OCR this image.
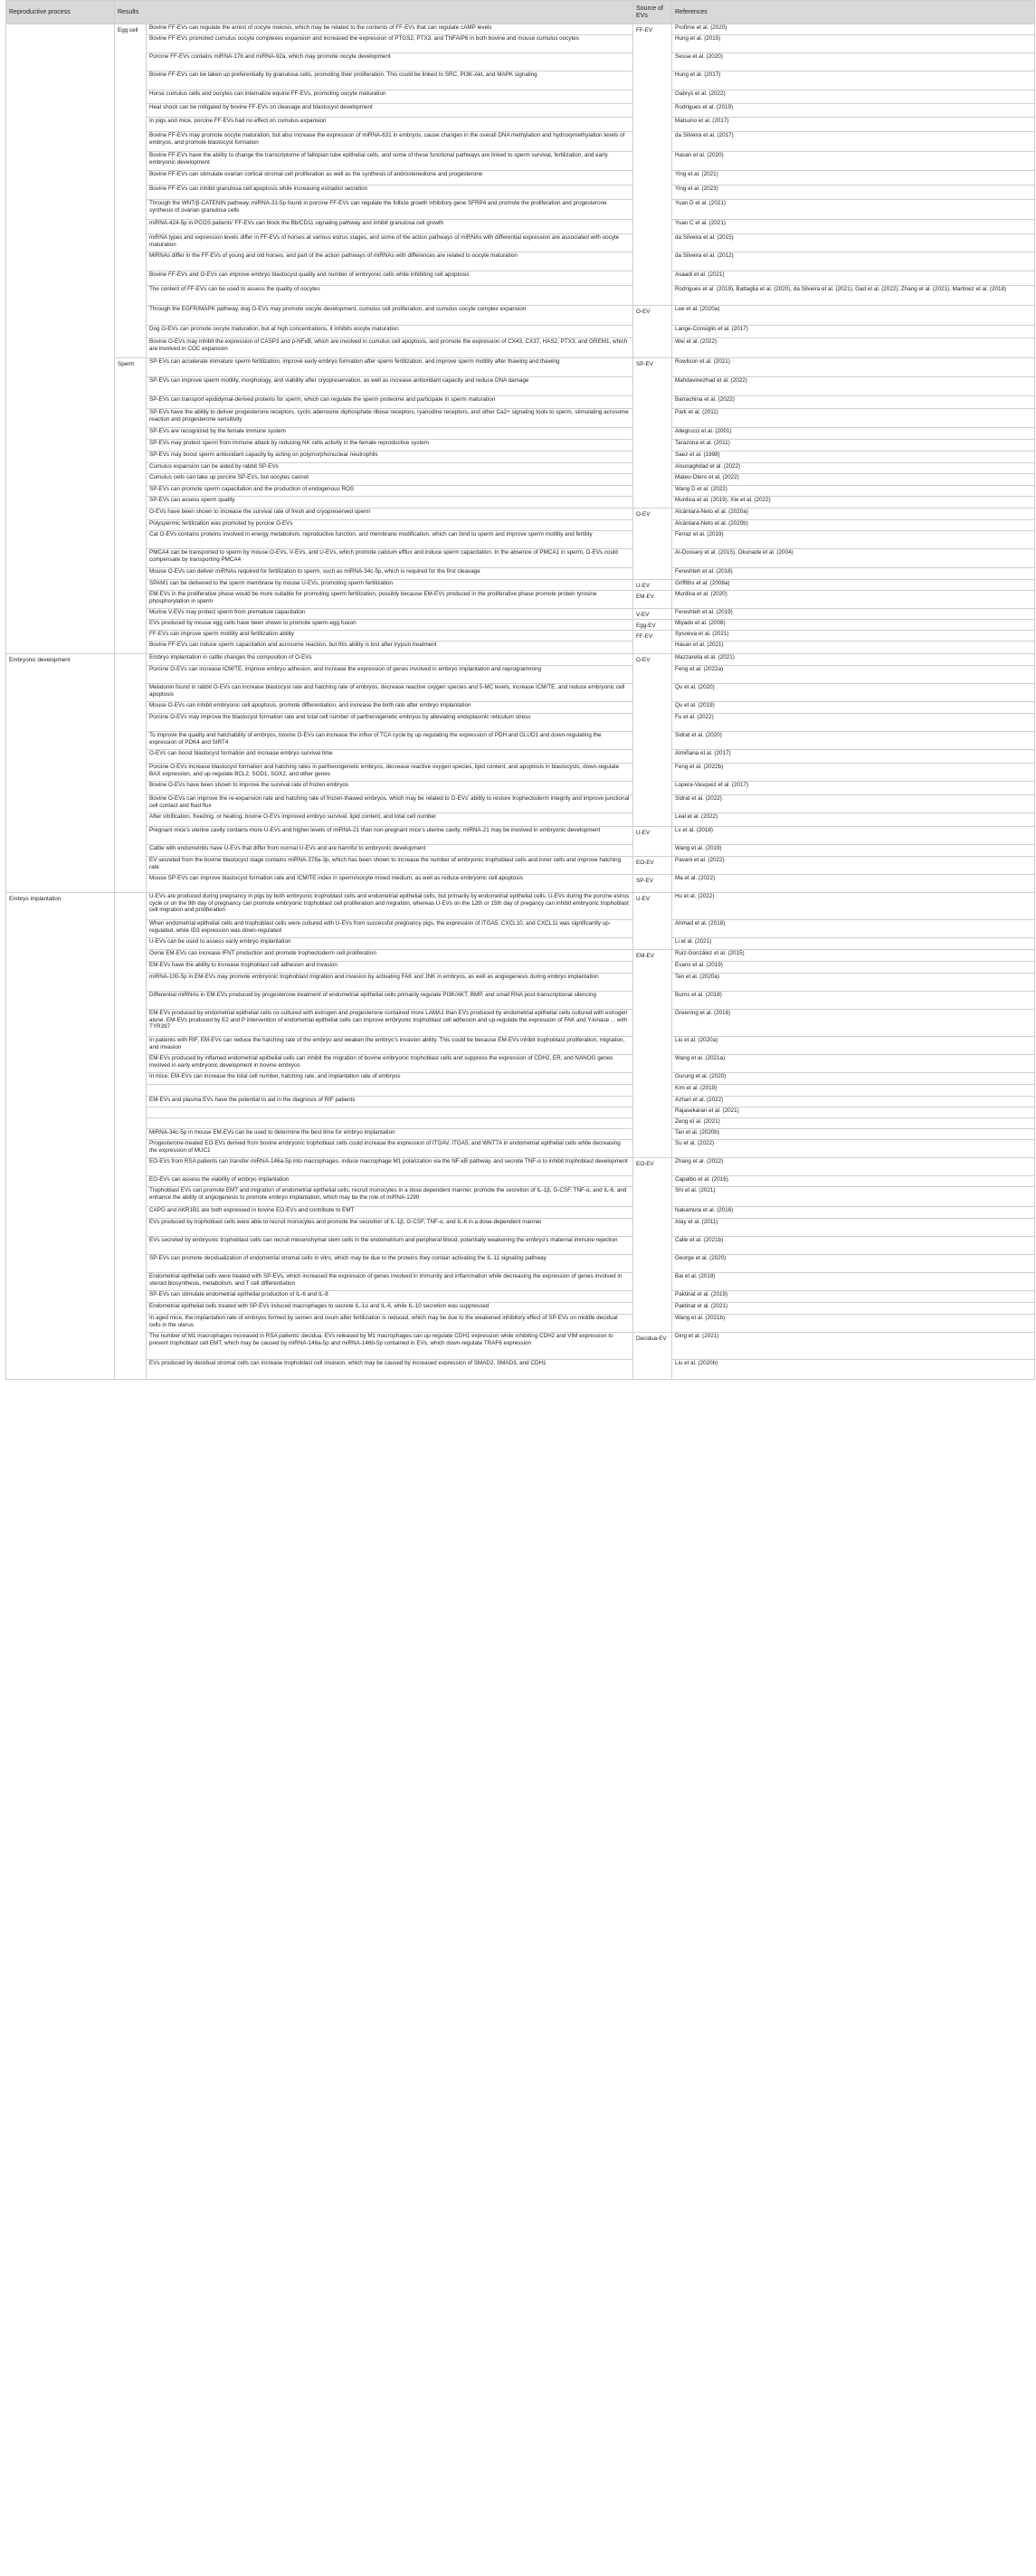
Reproductive process	Results		Source of EVs	References
	Egg cell	Bovine FF-EVs can regulate the arrest of oocyte meiosis, which may be related to the contents of FF-EVs that can regulate cAMP levels	FF-EV	Profirne et al. (2020)
		Bovine FF-EVs promoted cumulus oocyte complexes expansion and increased the expression of PTGS2, PTX3, and TNFAIP6 in both bovine and mouse cumulus oocytes		Hung et al. (2015)
		Porcine FF-EVs contains miRNA-17b and miRNA-92a, which may promote oocyte development		Sessa et al. (2020)
		Bovine FF-EVs can be taken up preferentially by granulosa cells, promoting their proliferation. This could be linked to SRC, PI3K-Akt, and MAPK signaling		Hung et al. (2017)
		Horse cumulus cells and oocytes can internalize equine FF-EVs, promoting oocyte maturation		Gabryś et al. (2022)
		Heat shock can be mitigated by bovine FF-EVs on cleavage and blastocyst development		Rodrigues et al. (2019)
		In pigs and mice, porcine FF-EVs had no effect on cumulus expansion		Matsuno et al. (2017)
		Bovine FF-EVs may promote oocyte maturation, but also increase the expression of miRNA-631 in embryos, cause changes in the overall DNA methylation and hydroxymethylation levels of embryos, and promote blastocyst formation		da Silveira et al. (2017)
		Bovine FF-EVs have the ability to change the transcriptome of fallopian tube epithelial cells, and some of these functional pathways are linked to sperm survival, fertilization, and early embryonic development		Hasan et al. (2020)
		Bovine FF-EVs can stimulate ovarian cortical stromal cell proliferation as well as the synthesis of androstenedione and progesterone		Ying et al. (2021)
		Bovine FF-EVs can inhibit granulosa cell apoptosis while increasing estradiol secretion		Ying et al. (2023)
		Through the WNT/β-CATENIN pathway, miRNA-31-5p found in porcine FF-EVs can regulate the follicle growth inhibitory gene SFRP4 and promote the proliferation and progesterone synthesis of ovarian granulosa cells		Yuan D et al. (2021)
		miRNA-424-5p in PCOS patients' FF-EVs can block the Bb/CD11 signaling pathway and inhibit granulosa cell growth		Yuan C et al. (2021)
		miRNA types and expression levels differ in FF-EVs of horses at various estrus stages, and some of the action pathways of miRNAs with differential expression are associated with oocyte maturation		da Silveira et al. (2015)
		MiRNAs differ in the FF-EVs of young and old horses, and part of the action pathways of miRNAs with differences are related to oocyte maturation		da Silveira et al. (2012)
		Bovine FF-EVs and O-EVs can improve embryo blastocyst quality and number of embryonic cells while inhibiting cell apoptosis		Asaadi et al. (2021)
		The content of FF-EVs can be used to assess the quality of oocytes		Rodrigues et al. (2019), Battaglia et al. (2020), da Silveira et al. (2021), Gad et al. (2022), Zhang et al. (2021), Martinez et al. (2018)
		Through the EGFR/MAPK pathway, dog O-EVs may promote oocyte development, cumulus cell proliferation, and cumulus oocyte complex expansion	O-EV	Lee et al. (2020a)
		Dog O-EVs can promote oocyte maturation, but at high concentrations, it inhibits oocyte maturation		Lange-Consiglio et al. (2017)
		Bovine O-EVs may inhibit the expression of CASP3 and p-NFκB, which are involved in cumulus cell apoptosis, and promote the expression of CX43, CX37, HAS2, PTX3, and GREM1, which are involved in COC expansion		Wei et al. (2022)
	Sperm	SP-EVs can accelerate immature sperm fertilization, improve early embryo formation after sperm fertilization, and improve sperm motility after thawing and thawing	SP-EV	Rowlison et al. (2021)
		SP-EVs can improve sperm motility, morphology, and viability after cryopreservation, as well as increase antioxidant capacity and reduce DNA damage		Mahdavinezhad et al. (2022)
		SP-EVs can transport epididymal-derived proteins for sperm, which can regulate the sperm proteome and participate in sperm maturation		Barrachina et al. (2022)
		SP-EVs have the ability to deliver progesterone receptors, cyclic adenosine diphosphate ribose receptors, ryanodine receptors, and other Ca2+ signaling tools to sperm, stimulating acrosome reaction and progesterone sensitivity		Park et al. (2011)
		SP-EVs are recognized by the female immune system		Allegrucci et al. (2001)
		SP-EVs may protect sperm from immune attack by reducing NK cells activity in the female reproductive system		Tarazona et al. (2011)
		SP-EVs may boost sperm antioxidant capacity by acting on polymorphonuclear neutrophils		Saez et al. (1998)
		Cumulus expansion can be aided by rabbit SP-EVs		Alsunaghdad et al. (2022)
		Cumulus cells can take up porcine SP-EVs, but oocytes cannot		Mateo-Otero et al. (2022)
		SP-EVs can promote sperm capacitation and the production of endogenous ROS		Wang D et al. (2022)
		SP-EVs can assess sperm quality		Murdica et al. (2019), Xie et al. (2022)
		O-EVs have been shown to increase the survival rate of fresh and cryopreserved sperm	O-EV	Alcântara-Neto et al. (2020a)
		Polyspermic fertilization was promoted by porcine O-EVs		Alcântara-Neto et al. (2020b)
		Cat O-EVs contains proteins involved in energy metabolism, reproductive function, and membrane modification, which can bind to sperm and improve sperm motility and fertility		Ferraz et al. (2019)
		PMCA4 can be transported to sperm by mouse O-EVs, V-EVs, and U-EVs, which promote calcium efflux and induce sperm capacitation. In the absence of PMCA1 in sperm, O-EVs could compensate by transporting PMCA4		Al-Dossary et al. (2015), Okunade et al. (2004)
		Mouse O-EVs can deliver miRNAs required for fertilization to sperm, such as miRNA-34c-5p, which is required for the first cleavage		Fereshteh et al. (2018)
		SPAM1 can be delivered to the sperm membrane by mouse U-EVs, promoting sperm fertilization	U-EV	Griffiths et al. (2008a)
		EM-EVs in the proliferative phase would be more suitable for promoting sperm fertilization, possibly because EM-EVs produced in the proliferative phase promote protein tyrosine phosphorylation in sperm	EM-EV	Murdica et al. (2020)
		Murine V-EVs may protect sperm from premature capacitation	V-EV	Fereshteh et al. (2019)
		EVs produced by mouse egg cells have been shown to promote sperm-egg fusion	Egg-EV	Miyado et al. (2008)
		FF-EVs can improve sperm motility and fertilization ability	FF-EV	Sysoeva et al. (2021)
		Bovine FF-EVs can induce sperm capacitation and acrosome reaction, but this ability is lost after trypsin treatment		Hasan et al. (2021)
Embryonic development		Embryo implantation in cattle changes the composition of O-EVs	O-EV	Mazzarella et al. (2021)
		Porcine O-EVs can increase ICM/TE, improve embryo adhesion, and increase the expression of genes involved in embryo implantation and reprogramming		Feng et al. (2022a)
		Melatonin found in rabbit O-EVs can increase blastocyst rate and hatching rate of embryos, decrease reactive oxygen species and 5-MC levels, increase ICM/TE, and reduce embryonic cell apoptosis		Qu et al. (2020)
		Mouse O-EVs can inhibit embryonic cell apoptosis, promote differentiation, and increase the birth rate after embryo implantation		Qu et al. (2019)
		Porcine O-EVs may improve the blastocyst formation rate and total cell number of parthenogenetic embryos by alleviating endoplasmic reticulum stress		Fu et al. (2022)
		To improve the quality and hatchability of embryos, bovine O-EVs can increase the influx of TCA cycle by up-regulating the expression of PDH and GLUD1 and down-regulating the expression of PDK4 and SIRT4		Sidrat et al. (2020)
		O-EVs can boost blastocyst formation and increase embryo survival time		Almiñana et al. (2017)
		Porcine O-EVs increase blastocyst formation and hatching rates in parthenogenetic embryos, decrease reactive oxygen species, lipid content, and apoptosis in blastocysts, down-regulate BAX expression, and up-regulate BCL2, SOD1, SOX2, and other genes		Feng et al. (2022b)
		Bovine O-EVs have been shown to improve the survival rate of frozen embryos		Lopera-Vasquez et al. (2017)
		Bovine O-EVs can improve the re-expansion rate and hatching rate of frozen-thawed embryos, which may be related to O-EVs' ability to restore trophectoderm integrity and improve junctional cell contact and fluid flux		Sidrat et al. (2022)
		After vitrification, freezing, or heating, bovine O-EVs improved embryo survival, lipid content, and total cell number		Leal et al. (2022)
		Pregnant mice's uterine cavity contains more U-EVs and higher levels of miRNA-21 than non-pregnant mice's uterine cavity. miRNA-21 may be involved in embryonic development	U-EV	Lv et al. (2018)
		Cattle with endometritis have U-EVs that differ from normal U-EVs and are harmful to embryonic development		Wang et al. (2019)
		EV secreted from the bovine blastocyst stage contains miRNA-378a-3p, which has been shown to increase the number of embryonic trophoblast cells and inner cells and improve hatching rate	EO-EV	Pavani et al. (2022)
		Mouse SP-EVs can improve blastocyst formation rate and ICM/TE index in sperm/oocyte mixed medium, as well as reduce embryonic cell apoptosis	SP-EV	Ma et al. (2022)
Embryo implantation		U-EVs are produced during pregnancy in pigs by both embryonic trophoblast cells and endometrial epithelial cells, but primarily by endometrial epithelial cells. U-EVs during the porcine estrus cycle or on the 9th day of pregnancy can promote embryonic trophoblast cell proliferation and migration, whereas U-EVs on the 12th or 15th day of pregancy can inhibit embryonic trophoblast cell migration and proliferation	U-EV	Hu et al. (2022)
		When endometrial epithelial cells and trophoblast cells were cultured with U-EVs from successful pregnancy pigs, the expression of ITGA5, CXCL10, and CXCL11 was significantly up-regulated, while ID3 expression was down-regulated		Ahmad et al. (2018)
		U-EVs can be used to assess early embryo implantation		Li et al. (2021)
		Ovine EM-EVs can increase IFNT production and promote trophectoderm cell proliferation	EM-EV	Ruiz-González et al. (2015)
		EM-EVs have the ability to increase trophoblast cell adhesion and invasion		Evans et al. (2019)
		miRNA-100-5p in EM-EVs may promote embryonic trophoblast migration and invasion by activating FAK and JNK in embryos, as well as angiogenesis during embryo implantation		Tan et al. (2020a)
		Differential miRNAs in EM-EVs produced by progesterone treatment of endometrial epithelial cells primarily regulate PI3K/AKT, BMP, and small RNA post-transcriptional silencing		Burns et al. (2018)
		EM-EVs produced by endometrial epithelial cells co-cultured with estrogen and progesterone contained more LAMA1 than EVs produced by endometrial epithelial cells cultured with estrogen alone. EM-EVs produced by E2 and P intervention of endometrial epithelial cells can improve embryonic trophoblast cell adhesion and up-regulate the expression of FAK and Y-kinase ... with TYR397		Greening et al. (2016)
		In patients with RIF, EM-EVs can reduce the hatching rate of the embryo and weaken the embryo's invasion ability. This could be because EM-EVs inhibit trophoblast proliferation, migration, and invasion		Liu et al. (2020a)
		EM-EVs produced by inflamed endometrial epithelial cells can inhibit the migration of bovine embryonic trophoblast cells and suppress the expression of CDH2, ER, and NANOG genes involved in early embryonic development in bovine embryos		Wang et al. (2021a)
		In mice, EM-EVs can increase the total cell number, hatching rate, and implantation rate of embryos		Gurung et al. (2020)
				Kim et al. (2019)
		EM-EVs and plasma EVs have the potential to aid in the diagnosis of RIF patients		Azhari et al. (2022)
				Rajasekaran et al. (2021)
				Zeng et al. (2021)
		MiRNA-34c-5p in mouse EM-EVs can be used to determine the best time for embryo implantation		Tan et al. (2020b)
		Progesterone-treated EO-EVs derived from bovine embryonic trophoblast cells could increase the expression of ITGAV, ITGA5, and WNT7A in endometrial epithelial cells while decreasing the expression of MUC1		Su et al. (2022)
		EO-EVs from RSA patients can transfer miRNA-146a-5p into macrophages, induce macrophage M1 polarization via the NF-κB pathway, and secrete TNF-α to inhibit trophoblast development	EO-EV	Zhang et al. (2022)
		EO-EVs can assess the viability of embryo implantation		Capalbo et al. (2016)
		Trophoblast EVs can promote EMT and migration of endometrial epithelial cells, recruit monocytes in a dose dependent manner, promote the secretion of IL-1β, G-CSF, TNF-α, and IL-6, and enhance the ability of angiogenesis to promote embryo implantation, which may be the role of miRNA-1290		Shi et al. (2021)
		CAPG and AKR1B1 are both expressed in bovine EO-EVs and contribute to EMT		Nakamura et al. (2016)
		EVs produced by trophoblast cells were able to recruit monocytes and promote the secretion of IL-1β, G-CSF, TNF-α, and IL-6 in a dose-dependent manner		Atay et al. (2011)
		EVs secreted by embryonic trophoblast cells can recruit mesenchymal stem cells in the endometrium and peripheral blood, potentially weakening the embryo's maternal immune rejection		Calle et al. (2021b)
		SP-EVs can promote decidualization of endometrial stromal cells in vitro, which may be due to the proteins they contain activating the IL-11 signaling pathway		George et al. (2020)
		Endometrial epithelial cells were treated with SP-EVs, which increased the expression of genes involved in immunity and inflammation while decreasing the expression of genes involved in steroid biosynthesis, metabolism, and T cell differentiation		Bai et al. (2018)
		SP-EVs can stimulate endometrial epithelial production of IL-6 and IL-8		Paktinat et al. (2019)
		Endometrial epithelial cells treated with SP-EVs induced macrophages to secrete IL-1α and IL-6, while IL-10 secretion was suppressed		Paktinat et al. (2021)
		In aged mice, the implantation rate of embryos formed by semen and ovum after fertilization is reduced, which may be due to the weakened inhibitory effect of SP-EVs on middle decidual cells in the uterus		Wang et al. (2021b)
		The number of M1 macrophages increased in RSA patients' decidua. EVs released by M1 macrophages can up-regulate CDH1 expression while inhibiting CDH2 and VIM expression to prevent trophoblast cell EMT, which may be caused by miRNA-146a-5p and miRNA-146b-5p contained in EVs, which down-regulate TRAF6 expression	Decidua-EV	Ding et al. (2021)
		EVs produced by decidual stromal cells can increase trophoblast cell invasion, which may be caused by increased expression of SMAD2, SMAD3, and CDH1		Liu et al. (2020b)
